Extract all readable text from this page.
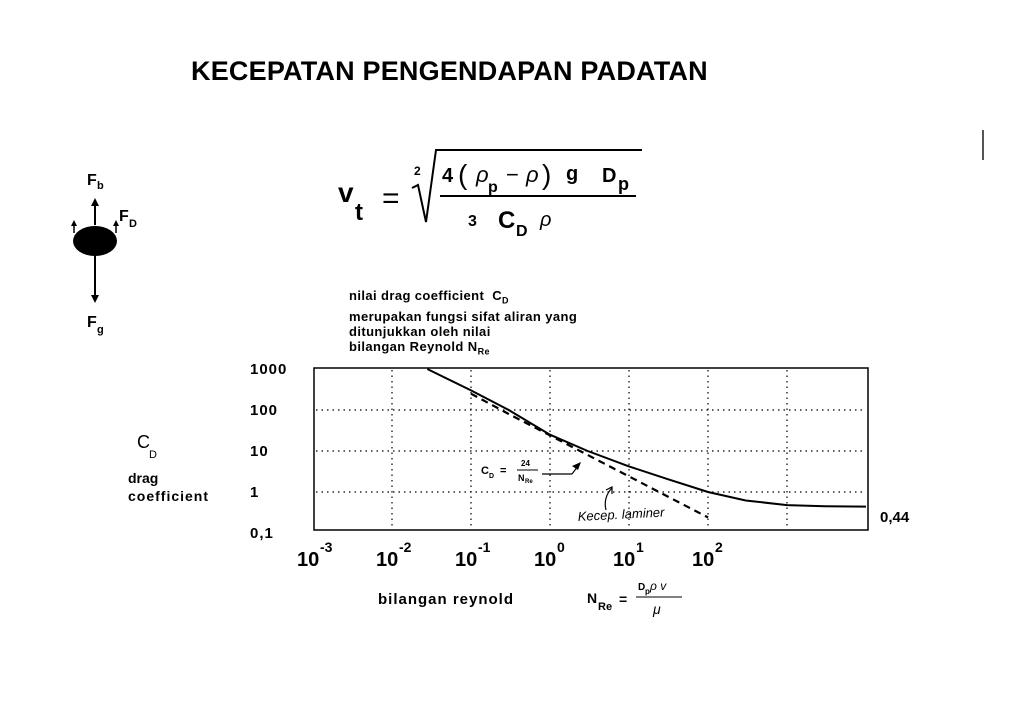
KECEPATAN PENGENDAPAN PADATAN
F b
F D
F g
v
t =
2 4 ( ρ
p
− ρ ) g D p
3 C D
ρ
nilai drag coefficient $C_D$
merupakan fungsi sifat aliran yang
ditunjukkan oleh nilai
bilangan Reynold $N_{Re}$
1000
100
10
1
0,1
10
-3
10
-2
10
-1
10
0
10
1
10
2
C
D
drag
coefficient
C D =
24
N Re
Kecep. laminer	0,44
bilangan reynold	N
Re =
D p ρ v
μ
